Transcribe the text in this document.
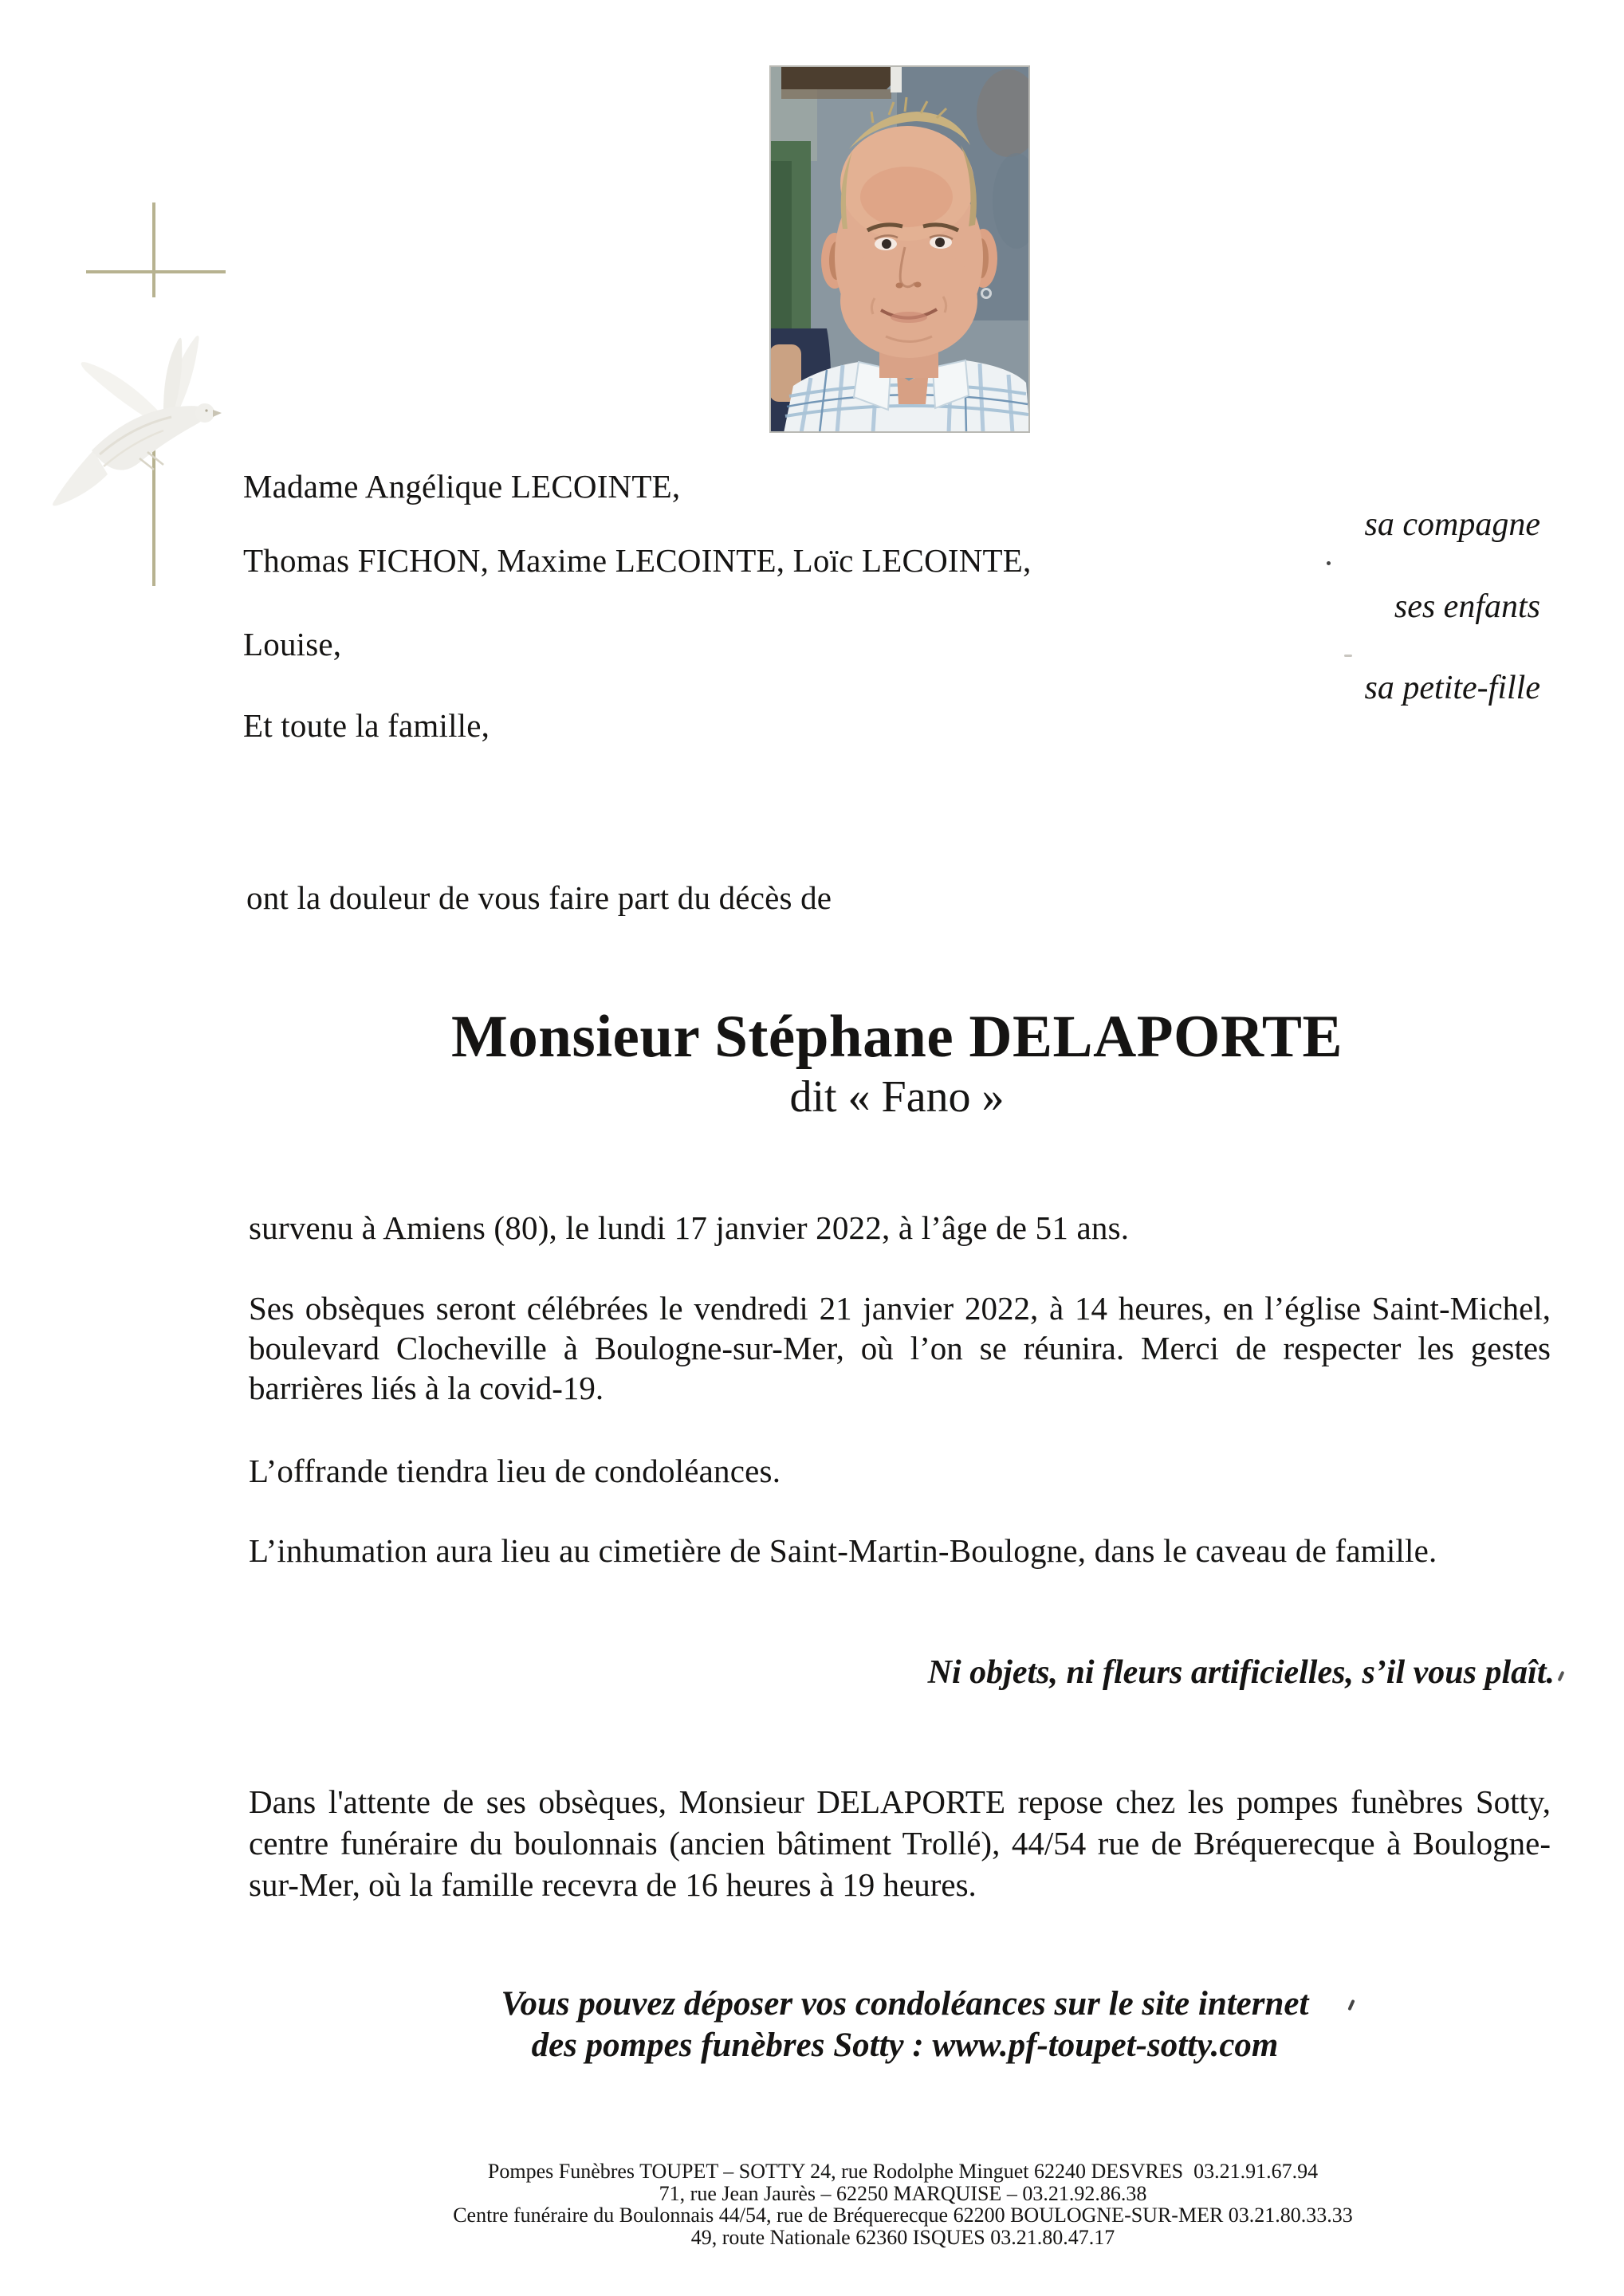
Madame Angélique LECOINTE,
sa compagne
Thomas FICHON, Maxime LECOINTE, Loïc LECOINTE,
ses enfants
Louise,
sa petite-fille
Et toute la famille,
ont la douleur de vous faire part du décès de
Monsieur Stéphane DELAPORTE
dit « Fano »
survenu à Amiens (80), le lundi 17 janvier 2022, à l’âge de 51 ans.
Ses obsèques seront célébrées le vendredi 21 janvier 2022, à 14 heures, en l’église Saint-Michel, boulevard Clocheville à Boulogne-sur-Mer, où l’on se réunira. Merci de respecter les gestes barrières liés à la covid-19.
L’offrande tiendra lieu de condoléances.
L’inhumation aura lieu au cimetière de Saint-Martin-Boulogne, dans le caveau de famille.
Ni objets, ni fleurs artificielles, s’il vous plaît.
Dans l'attente de ses obsèques, Monsieur DELAPORTE repose chez les pompes funèbres Sotty, centre funéraire du boulonnais (ancien bâtiment Trollé), 44/54 rue de Bréquerecque à Boulogne-sur-Mer, où la famille recevra de 16 heures à 19 heures.
Vous pouvez déposer vos condoléances sur le site internet
des pompes funèbres Sotty : www.pf-toupet-sotty.com
Pompes Funèbres TOUPET – SOTTY 24, rue Rodolphe Minguet 62240 DESVRES  03.21.91.67.94
71, rue Jean Jaurès – 62250 MARQUISE – 03.21.92.86.38
Centre funéraire du Boulonnais 44/54, rue de Bréquerecque 62200 BOULOGNE-SUR-MER 03.21.80.33.33
49, route Nationale 62360 ISQUES 03.21.80.47.17
